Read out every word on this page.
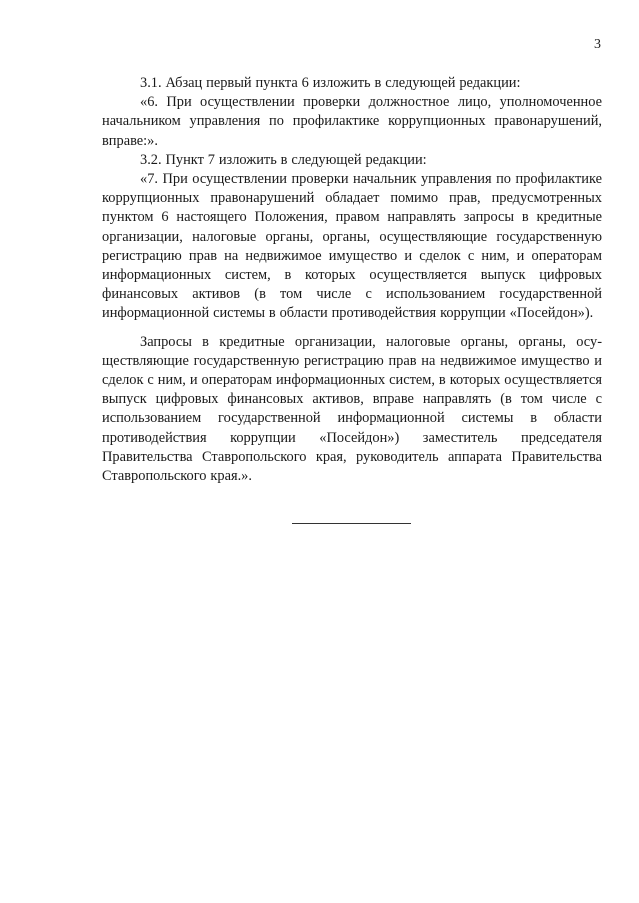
3

3.1. Абзац первый пункта 6 изложить в следующей редакции:

«6. При осуществлении проверки должностное лицо, уполномоченное начальником управления по профилактике коррупционных правонарушений, вправе:».

3.2. Пункт 7 изложить в следующей редакции:

«7. При осуществлении проверки начальник управления по профилактике коррупционных правонарушений обладает помимо прав, предусмотренных пунктом 6 настоящего Положения, правом направлять запросы в кредитные организации, налоговые органы, органы, осуществляющие государственную регистрацию прав на недвижимое имущество и сделок с ним, и операторам информационных систем, в которых осуществляется выпуск цифровых финансовых активов (в том числе с использованием государственной информационной системы в области противодействия коррупции «Посейдон»).

Запросы в кредитные организации, налоговые органы, органы, осуществляющие государственную регистрацию прав на недвижимое имущество и сделок с ним, и операторам информационных систем, в которых осуществляется выпуск цифровых финансовых активов, вправе направлять (в том числе с использованием государственной информационной системы в области противодействия коррупции «Посейдон») заместитель председателя Правительства Ставропольского края, руководитель аппарата Правительства Ставропольского края.».
